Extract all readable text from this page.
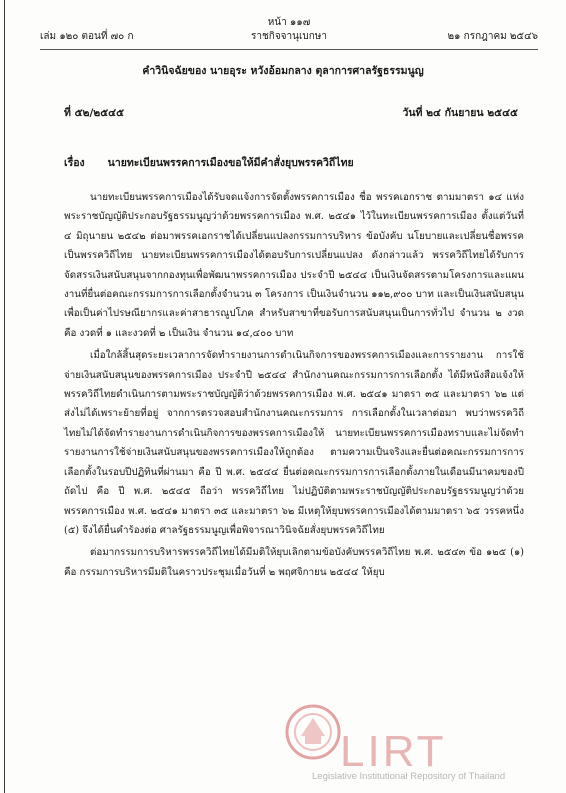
เล่ม ๑๒๐ ตอนที่ ๗๐ ก
หน้า ๑๑๗
ราชกิจจานุเบกษา	๒๑ กรกฎาคม ๒๕๔๖
คำวินิจฉัยของ นายอุระ หวังอ้อมกลาง ตุลาการศาลรัฐธรรมนูญ
ที่ ๕๒/๒๕๔๕	วันที่ ๒๔ กันยายน ๒๕๔๕
เรื่อง นายทะเบียนพรรคการเมืองขอให้มีคำสั่งยุบพรรควิถีไทย

นายทะเบียนพรรคการเมืองได้รับจดแจ้งการจัดตั้งพรรคการเมือง ชื่อ พรรคเอกราช ตามมาตรา ๑๔ แห่งพระราชบัญญัติประกอบรัฐธรรมนูญว่าด้วยพรรคการเมือง พ.ศ. ๒๕๔๑ ไว้ในทะเบียนพรรคการเมือง ตั้งแต่วันที่ ๔ มิถุนายน ๒๕๔๒ ต่อมาพรรคเอกราชได้เปลี่ยนแปลงกรรมการบริหาร ข้อบังคับ นโยบายและเปลี่ยนชื่อพรรคเป็นพรรควิถีไทย นายทะเบียนพรรคการเมืองได้ตอบรับการเปลี่ยนแปลง ดังกล่าวแล้ว พรรควิถีไทยได้รับการจัดสรรเงินสนับสนุนจากกองทุนเพื่อพัฒนาพรรคการเมือง ประจำปี ๒๕๔๔ เป็นเงินจัดสรรตามโครงการและแผนงานที่ยื่นต่อคณะกรรมการการเลือกตั้งจำนวน ๓ โครงการ เป็นเงินจำนวน ๑๑๒,๙๐๐ บาท และเป็นเงินสนับสนุนเพื่อเป็นค่าไปรษณียากรและค่าสาธารณูปโภค สำหรับสาขาที่ขอรับการสนับสนุนเป็นการทั่วไป จำนวน ๒ งวด คือ งวดที่ ๑ และงวดที่ ๒ เป็นเงิน จำนวน ๑๔,๔๐๐ บาท

เมื่อใกล้สิ้นสุดระยะเวลาการจัดทำรายงานการดำเนินกิจการของพรรคการเมืองและการรายงาน การใช้จ่ายเงินสนับสนุนของพรรคการเมือง ประจำปี ๒๕๔๔ สำนักงานคณะกรรมการการเลือกตั้ง ได้มีหนังสือแจ้งให้พรรควิถีไทยดำเนินการตามพระราชบัญญัติว่าด้วยพรรคการเมือง พ.ศ. ๒๕๔๑ มาตรา ๓๕ และมาตรา ๖๒ แต่ส่งไม่ได้เพราะย้ายที่อยู่ จากการตรวจสอบสำนักงานคณะกรรมการ การเลือกตั้งในเวลาต่อมา พบว่าพรรควิถีไทยไม่ได้จัดทำรายงานการดำเนินกิจการของพรรคการเมืองให้ นายทะเบียนพรรคการเมืองทราบและไม่จัดทำรายงานการใช้จ่ายเงินสนับสนุนของพรรคการเมืองให้ถูกต้อง ตามความเป็นจริงและยื่นต่อคณะกรรมการการเลือกตั้งในรอบปีปฏิทินที่ผ่านมา คือ ปี พ.ศ. ๒๕๔๔ ยื่นต่อคณะกรรมการการเลือกตั้งภายในเดือนมีนาคมของปีถัดไป คือ ปี พ.ศ. ๒๕๔๕ ถือว่า พรรควิถีไทย ไม่ปฏิบัติตามพระราชบัญญัติประกอบรัฐธรรมนูญว่าด้วยพรรคการเมือง พ.ศ. ๒๕๔๑ มาตรา ๓๕ และมาตรา ๖๒ มีเหตุให้ยุบพรรคการเมืองได้ตามมาตรา ๖๕ วรรคหนึ่ง (๕) จึงได้ยื่นคำร้องต่อ ศาลรัฐธรรมนูญเพื่อพิจารณาวินิจฉัยสั่งยุบพรรควิถีไทย

ต่อมากรรมการบริหารพรรควิถีไทยได้มีมติให้ยุบเลิกตามข้อบังคับพรรควิถีไทย พ.ศ. ๒๕๔๓ ข้อ ๑๒๕ (๑) คือ กรรมการบริหารมีมติในคราวประชุมเมื่อวันที่ ๒ พฤศจิกายน ๒๕๔๔ ให้ยุบ

LIRT
Legislative Institutional Repository of Thailand
